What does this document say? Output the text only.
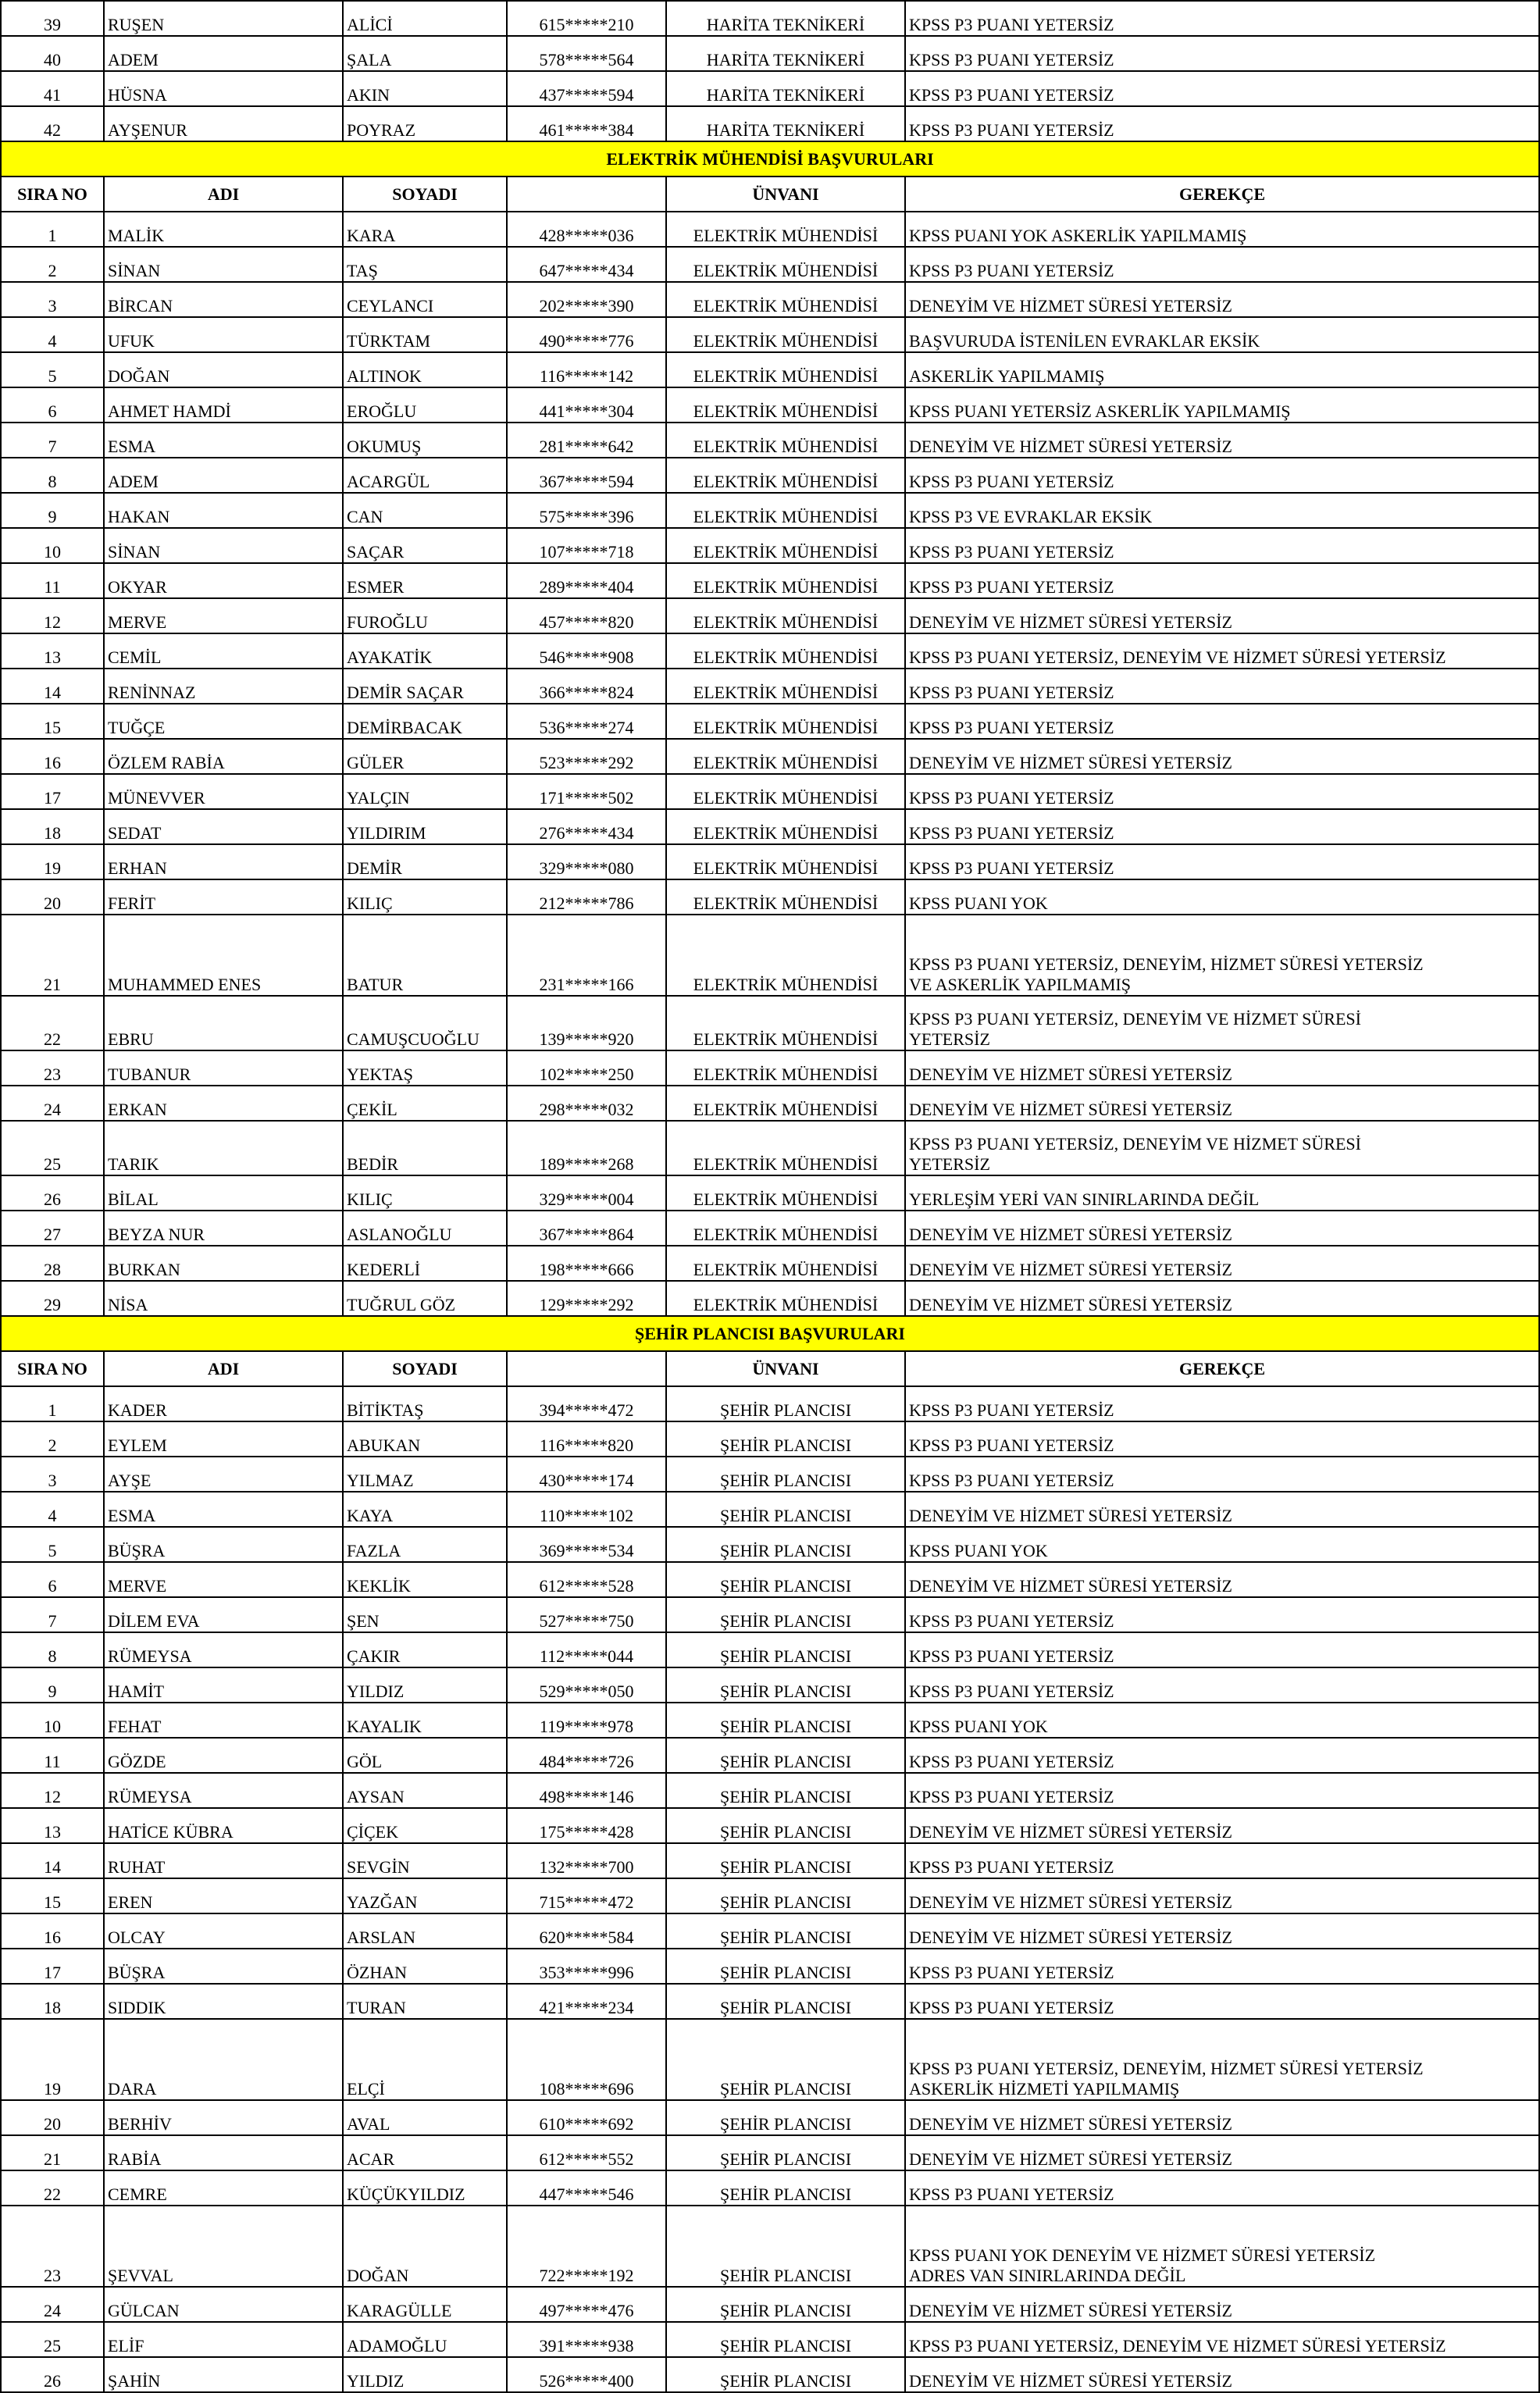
39	RUŞEN	ALİCİ	615*****210	HARİTA TEKNİKERİ	KPSS P3 PUANI YETERSİZ
40	ADEM	ŞALA	578*****564	HARİTA TEKNİKERİ	KPSS P3 PUANI YETERSİZ
41	HÜSNA	AKIN	437*****594	HARİTA TEKNİKERİ	KPSS P3 PUANI YETERSİZ
42	AYŞENUR	POYRAZ	461*****384	HARİTA TEKNİKERİ	KPSS P3 PUANI YETERSİZ
ELEKTRİK MÜHENDİSİ BAŞVURULARI					
SIRA NO	ADI	SOYADI		ÜNVANI	GEREKÇE
1	MALİK	KARA	428*****036	ELEKTRİK MÜHENDİSİ	KPSS PUANI YOK ASKERLİK YAPILMAMIŞ
2	SİNAN	TAŞ	647*****434	ELEKTRİK MÜHENDİSİ	KPSS P3 PUANI YETERSİZ
3	BİRCAN	CEYLANCI	202*****390	ELEKTRİK MÜHENDİSİ	DENEYİM VE HİZMET SÜRESİ YETERSİZ
4	UFUK	TÜRKTAM	490*****776	ELEKTRİK MÜHENDİSİ	BAŞVURUDA İSTENİLEN EVRAKLAR EKSİK
5	DOĞAN	ALTINOK	116*****142	ELEKTRİK MÜHENDİSİ	ASKERLİK YAPILMAMIŞ
6	AHMET HAMDİ	EROĞLU	441*****304	ELEKTRİK MÜHENDİSİ	KPSS PUANI YETERSİZ ASKERLİK YAPILMAMIŞ
7	ESMA	OKUMUŞ	281*****642	ELEKTRİK MÜHENDİSİ	DENEYİM VE HİZMET SÜRESİ YETERSİZ
8	ADEM	ACARGÜL	367*****594	ELEKTRİK MÜHENDİSİ	KPSS P3 PUANI YETERSİZ
9	HAKAN	CAN	575*****396	ELEKTRİK MÜHENDİSİ	KPSS P3 VE EVRAKLAR EKSİK
10	SİNAN	SAÇAR	107*****718	ELEKTRİK MÜHENDİSİ	KPSS P3 PUANI YETERSİZ
11	OKYAR	ESMER	289*****404	ELEKTRİK MÜHENDİSİ	KPSS P3 PUANI YETERSİZ
12	MERVE	FUROĞLU	457*****820	ELEKTRİK MÜHENDİSİ	DENEYİM VE HİZMET SÜRESİ YETERSİZ
13	CEMİL	AYAKATİK	546*****908	ELEKTRİK MÜHENDİSİ	KPSS P3 PUANI YETERSİZ, DENEYİM VE HİZMET SÜRESİ YETERSİZ
14	RENİNNAZ	DEMİR SAÇAR	366*****824	ELEKTRİK MÜHENDİSİ	KPSS P3 PUANI YETERSİZ
15	TUĞÇE	DEMİRBACAK	536*****274	ELEKTRİK MÜHENDİSİ	KPSS P3 PUANI YETERSİZ
16	ÖZLEM RABİA	GÜLER	523*****292	ELEKTRİK MÜHENDİSİ	DENEYİM VE HİZMET SÜRESİ YETERSİZ
17	MÜNEVVER	YALÇIN	171*****502	ELEKTRİK MÜHENDİSİ	KPSS P3 PUANI YETERSİZ
18	SEDAT	YILDIRIM	276*****434	ELEKTRİK MÜHENDİSİ	KPSS P3 PUANI YETERSİZ
19	ERHAN	DEMİR	329*****080	ELEKTRİK MÜHENDİSİ	KPSS P3 PUANI YETERSİZ
20	FERİT	KILIÇ	212*****786	ELEKTRİK MÜHENDİSİ	KPSS PUANI YOK
21	MUHAMMED ENES	BATUR	231*****166	ELEKTRİK MÜHENDİSİ	KPSS P3 PUANI YETERSİZ, DENEYİM, HİZMET SÜRESİ YETERSİZ
VE ASKERLİK YAPILMAMIŞ

22	EBRU	CAMUŞCUOĞLU	139*****920	ELEKTRİK MÜHENDİSİ	KPSS P3 PUANI YETERSİZ, DENEYİM VE HİZMET SÜRESİ
YETERSİZ

23	TUBANUR	YEKTAŞ	102*****250	ELEKTRİK MÜHENDİSİ	DENEYİM VE HİZMET SÜRESİ YETERSİZ
24	ERKAN	ÇEKİL	298*****032	ELEKTRİK MÜHENDİSİ	DENEYİM VE HİZMET SÜRESİ YETERSİZ
25	TARIK	BEDİR	189*****268	ELEKTRİK MÜHENDİSİ	KPSS P3 PUANI YETERSİZ, DENEYİM VE HİZMET SÜRESİ
YETERSİZ

26	BİLAL	KILIÇ	329*****004	ELEKTRİK MÜHENDİSİ	YERLEŞİM YERİ VAN SINIRLARINDA DEĞİL
27	BEYZA NUR	ASLANOĞLU	367*****864	ELEKTRİK MÜHENDİSİ	DENEYİM VE HİZMET SÜRESİ YETERSİZ
28	BURKAN	KEDERLİ	198*****666	ELEKTRİK MÜHENDİSİ	DENEYİM VE HİZMET SÜRESİ YETERSİZ
29	NİSA	TUĞRUL GÖZ	129*****292	ELEKTRİK MÜHENDİSİ	DENEYİM VE HİZMET SÜRESİ YETERSİZ
ŞEHİR PLANCISI BAŞVURULARI					
SIRA NO	ADI	SOYADI		ÜNVANI	GEREKÇE
1	KADER	BİTİKTAŞ	394*****472	ŞEHİR PLANCISI	KPSS P3 PUANI YETERSİZ
2	EYLEM	ABUKAN	116*****820	ŞEHİR PLANCISI	KPSS P3 PUANI YETERSİZ
3	AYŞE	YILMAZ	430*****174	ŞEHİR PLANCISI	KPSS P3 PUANI YETERSİZ
4	ESMA	KAYA	110*****102	ŞEHİR PLANCISI	DENEYİM VE HİZMET SÜRESİ YETERSİZ
5	BÜŞRA	FAZLA	369*****534	ŞEHİR PLANCISI	KPSS PUANI YOK
6	MERVE	KEKLİK	612*****528	ŞEHİR PLANCISI	DENEYİM VE HİZMET SÜRESİ YETERSİZ
7	DİLEM EVA	ŞEN	527*****750	ŞEHİR PLANCISI	KPSS P3 PUANI YETERSİZ
8	RÜMEYSA	ÇAKIR	112*****044	ŞEHİR PLANCISI	KPSS P3 PUANI YETERSİZ
9	HAMİT	YILDIZ	529*****050	ŞEHİR PLANCISI	KPSS P3 PUANI YETERSİZ
10	FEHAT	KAYALIK	119*****978	ŞEHİR PLANCISI	KPSS PUANI YOK
11	GÖZDE	GÖL	484*****726	ŞEHİR PLANCISI	KPSS P3 PUANI YETERSİZ
12	RÜMEYSA	AYSAN	498*****146	ŞEHİR PLANCISI	KPSS P3 PUANI YETERSİZ
13	HATİCE KÜBRA	ÇİÇEK	175*****428	ŞEHİR PLANCISI	DENEYİM VE HİZMET SÜRESİ YETERSİZ
14	RUHAT	SEVGİN	132*****700	ŞEHİR PLANCISI	KPSS P3 PUANI YETERSİZ
15	EREN	YAZĞAN	715*****472	ŞEHİR PLANCISI	DENEYİM VE HİZMET SÜRESİ YETERSİZ
16	OLCAY	ARSLAN	620*****584	ŞEHİR PLANCISI	DENEYİM VE HİZMET SÜRESİ YETERSİZ
17	BÜŞRA	ÖZHAN	353*****996	ŞEHİR PLANCISI	KPSS P3 PUANI YETERSİZ
18	SIDDIK	TURAN	421*****234	ŞEHİR PLANCISI	KPSS P3 PUANI YETERSİZ
19	DARA	ELÇİ	108*****696	ŞEHİR PLANCISI	KPSS P3 PUANI YETERSİZ, DENEYİM, HİZMET SÜRESİ YETERSİZ
ASKERLİK HİZMETİ YAPILMAMIŞ

20	BERHİV	AVAL	610*****692	ŞEHİR PLANCISI	DENEYİM VE HİZMET SÜRESİ YETERSİZ
21	RABİA	ACAR	612*****552	ŞEHİR PLANCISI	DENEYİM VE HİZMET SÜRESİ YETERSİZ
22	CEMRE	KÜÇÜKYILDIZ	447*****546	ŞEHİR PLANCISI	KPSS P3 PUANI YETERSİZ
23	ŞEVVAL	DOĞAN	722*****192	ŞEHİR PLANCISI	KPSS PUANI YOK DENEYİM VE HİZMET SÜRESİ YETERSİZ
ADRES VAN SINIRLARINDA DEĞİL

24	GÜLCAN	KARAGÜLLE	497*****476	ŞEHİR PLANCISI	DENEYİM VE HİZMET SÜRESİ YETERSİZ
25	ELİF	ADAMOĞLU	391*****938	ŞEHİR PLANCISI	KPSS P3 PUANI YETERSİZ, DENEYİM VE HİZMET SÜRESİ YETERSİZ
26	ŞAHİN	YILDIZ	526*****400	ŞEHİR PLANCISI	DENEYİM VE HİZMET SÜRESİ YETERSİZ
